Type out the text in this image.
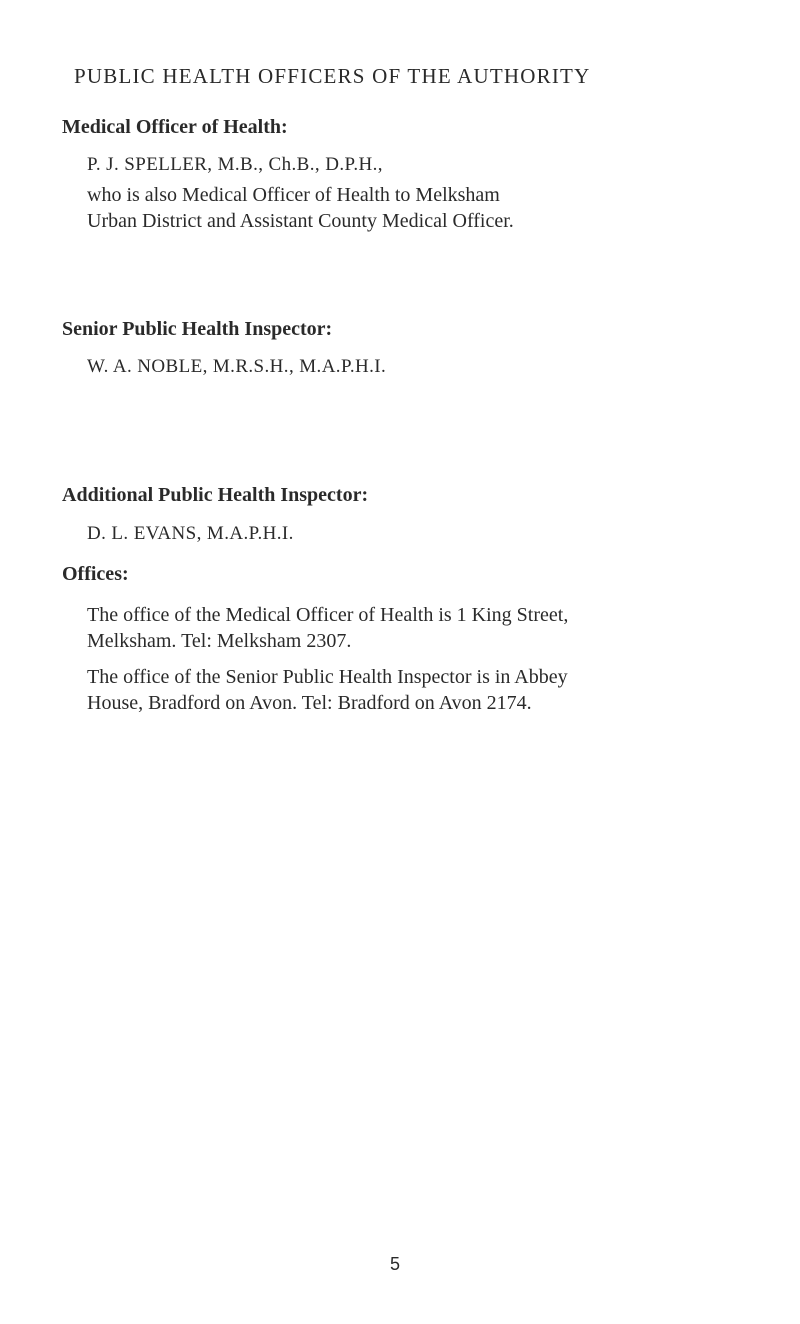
PUBLIC HEALTH OFFICERS OF THE AUTHORITY
Medical Officer of Health:
P. J. SPELLER, M.B., Ch.B., D.P.H.,
who is also Medical Officer of Health to Melksham
Urban District and Assistant County Medical Officer.
Senior Public Health Inspector:
W. A. NOBLE, M.R.S.H., M.A.P.H.I.
Additional Public Health Inspector:
D. L. EVANS, M.A.P.H.I.
Offices:
The office of the Medical Officer of Health is 1 King Street,
Melksham. Tel: Melksham 2307.
The office of the Senior Public Health Inspector is in Abbey
House, Bradford on Avon. Tel: Bradford on Avon 2174.
5
